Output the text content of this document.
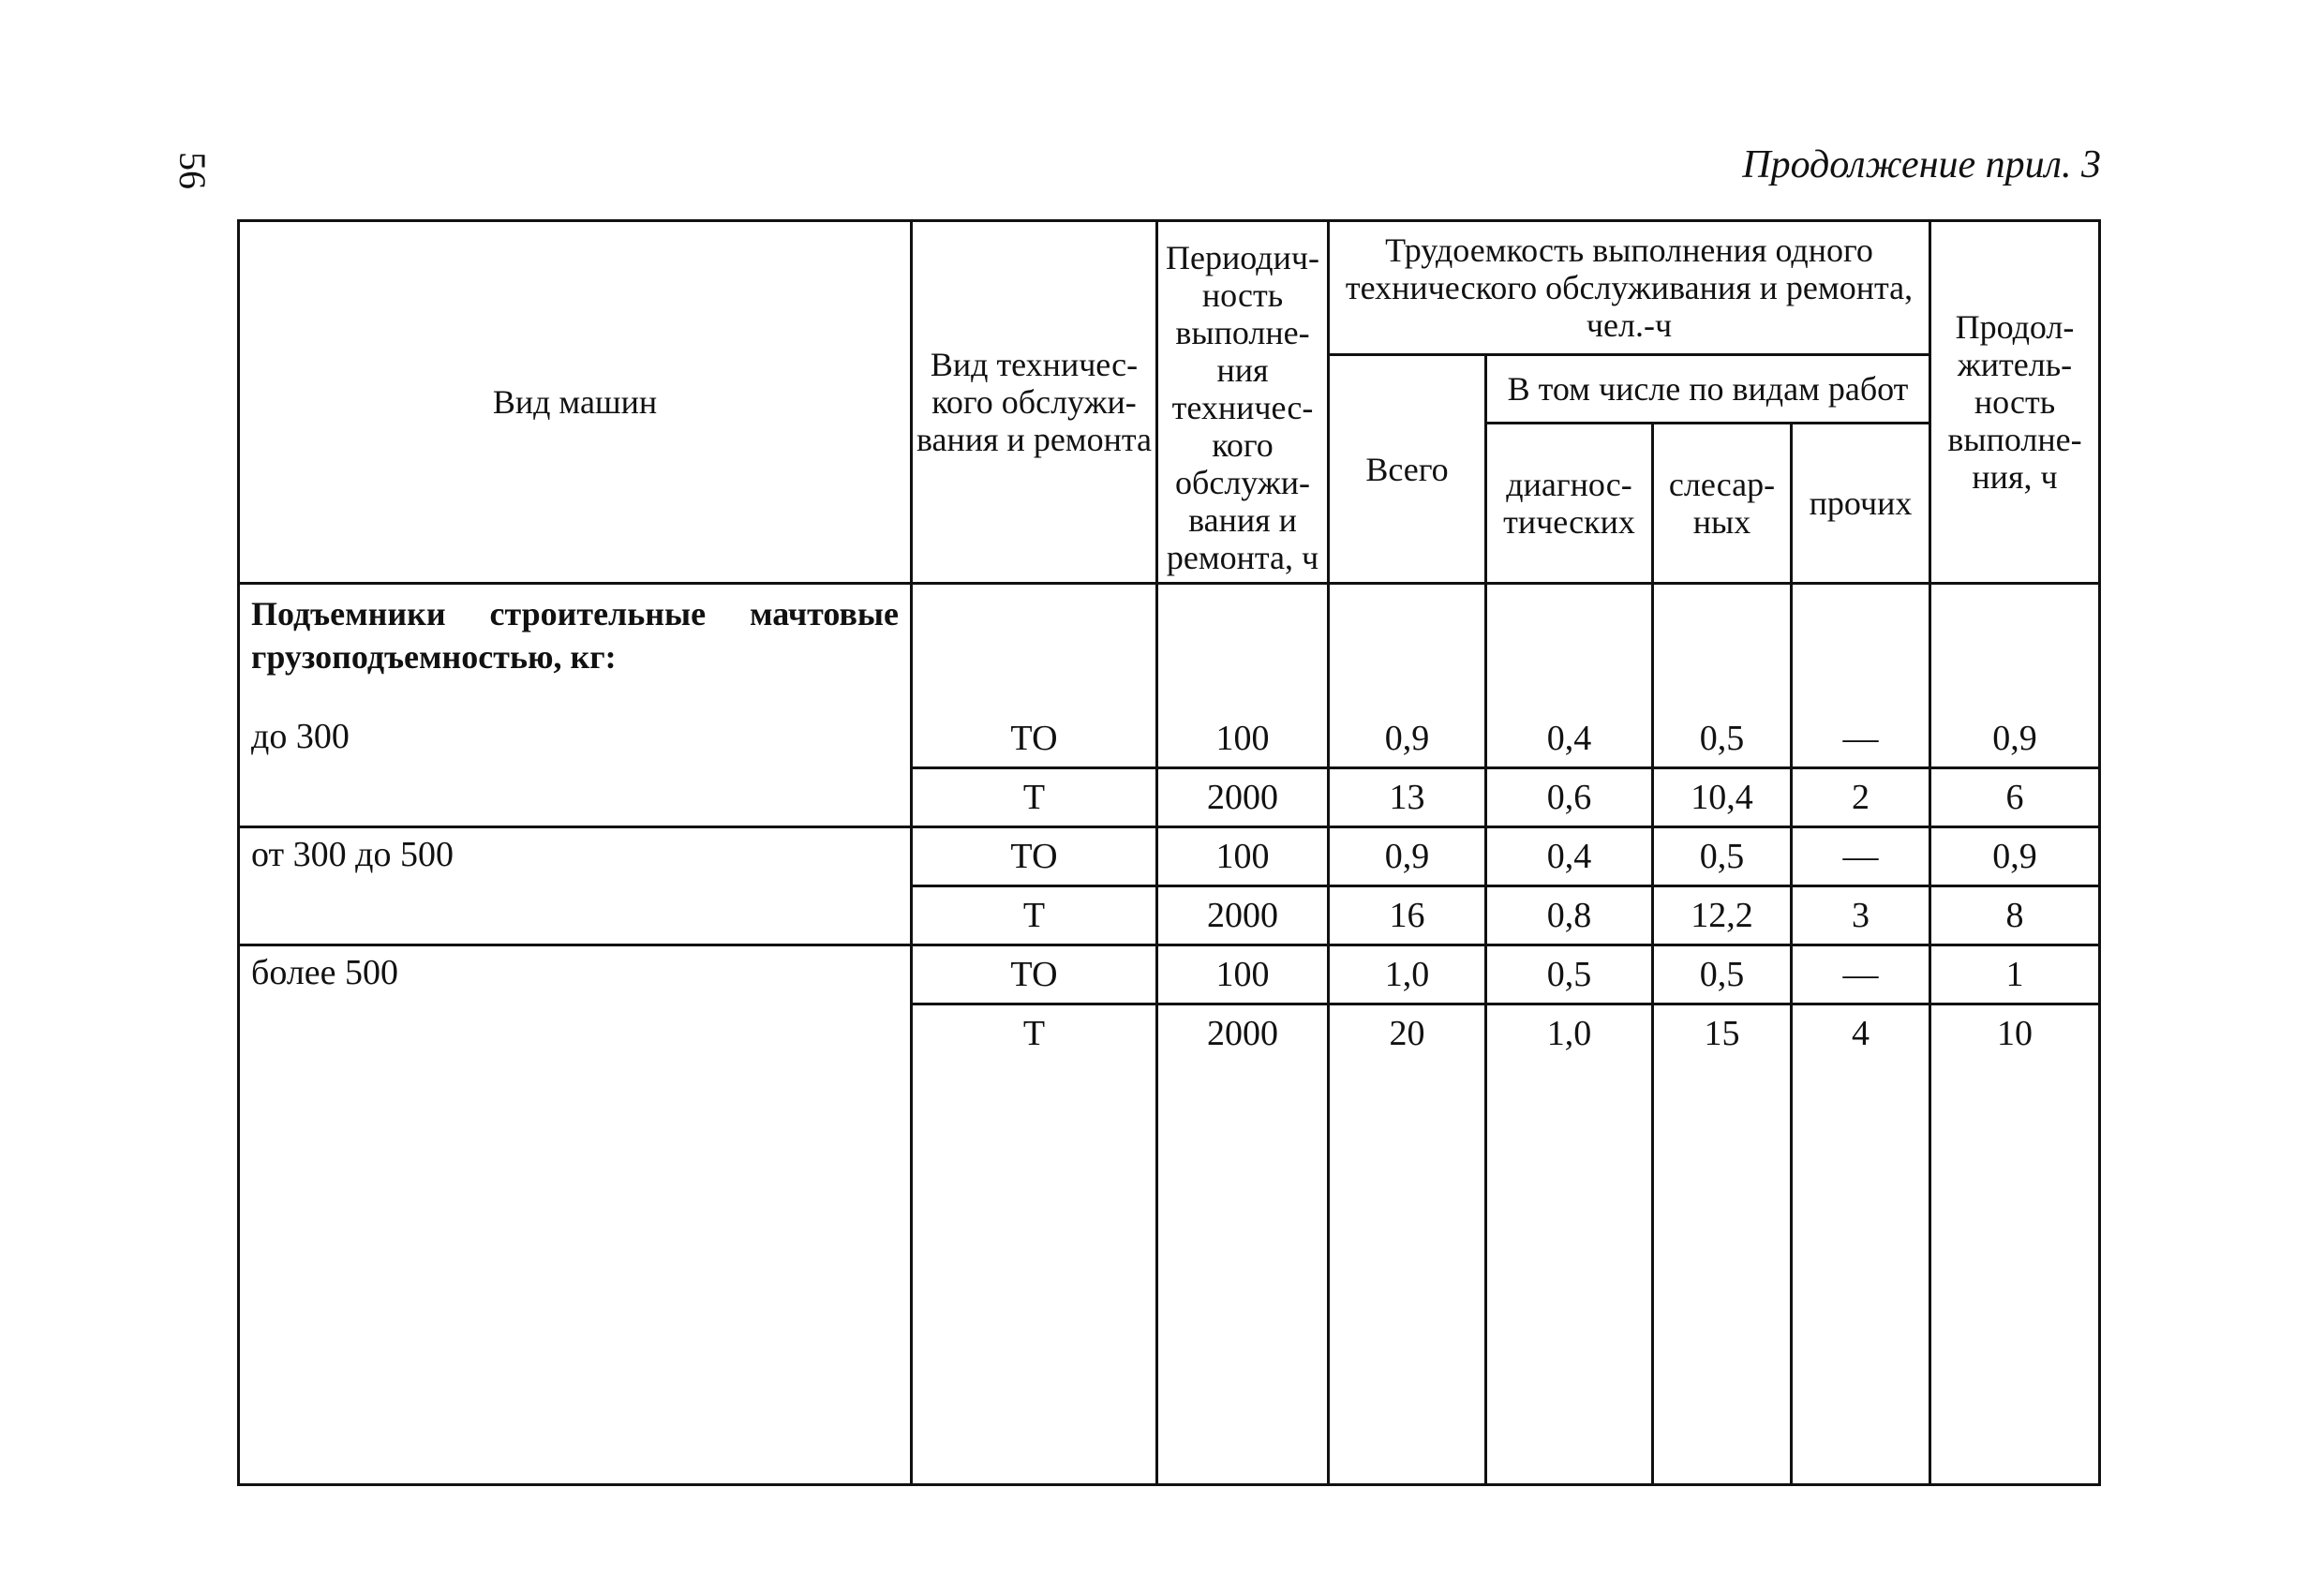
56	Продолжение прил. 3
Вид машин	Вид техничес-кого обслужи-вания и ремонта	Периодич-ность выполне-ния техничес-кого обслужи-вания и ремонта, ч	Трудоемкость выполнения одного технического обслуживания и ремонта, чел.-ч				Продол-житель-ность выполне-ния, ч
			Всего	В том числе по видам работ			
				диагнос-тических	слесар-ных	прочих	
Подъемники строительные мачтовые грузоподъемностью, кг:							
до 300	ТО	100	0,9	0,4	0,5	—	0,9
	Т	2000	13	0,6	10,4	2	6
от 300 до 500	ТО	100	0,9	0,4	0,5	—	0,9
	Т	2000	16	0,8	12,2	3	8
более 500	ТО	100	1,0	0,5	0,5	—	1
	Т	2000	20	1,0	15	4	10
